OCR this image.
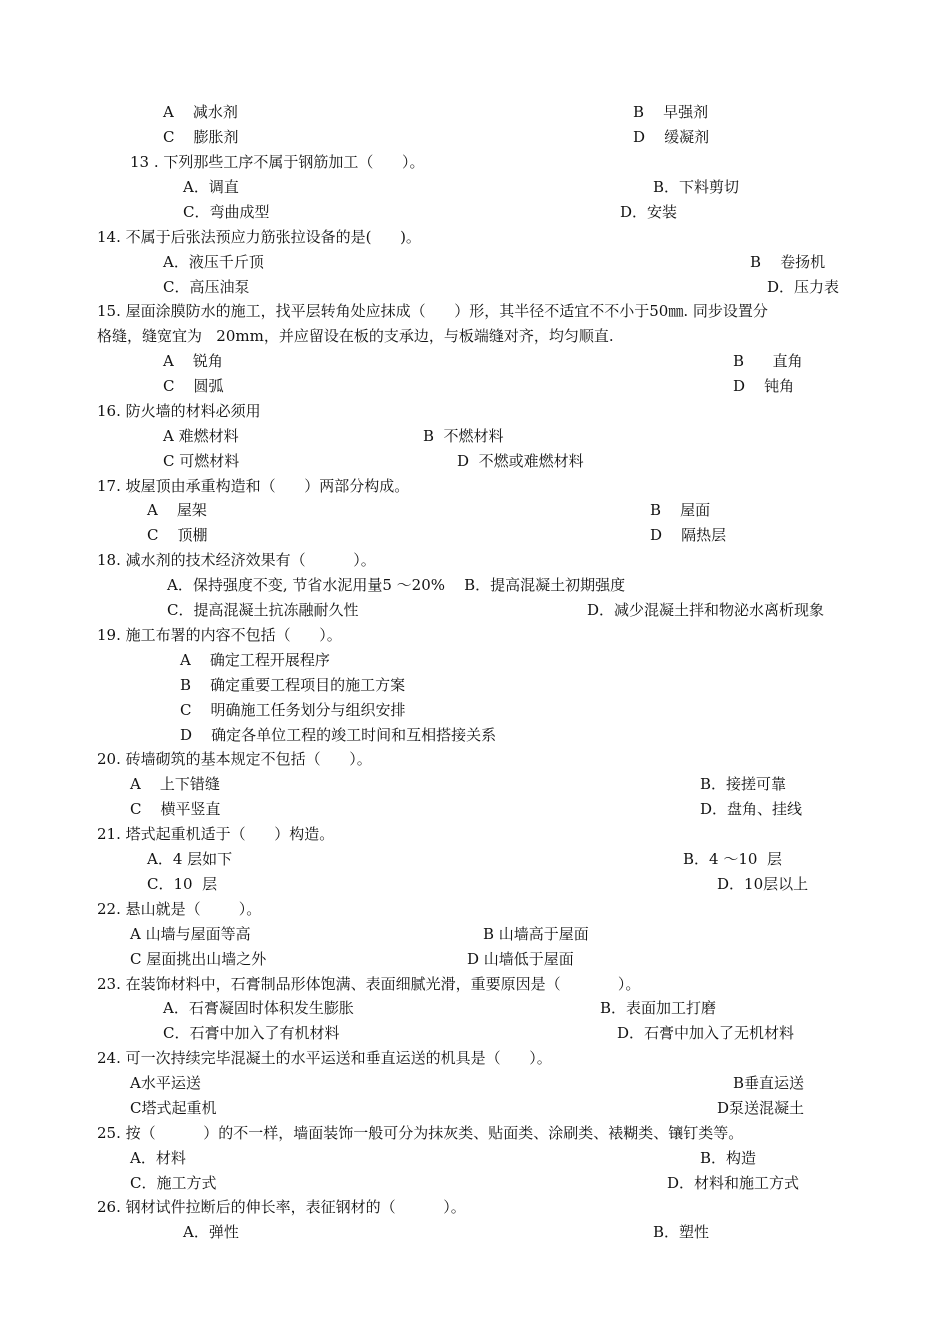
A    减水剂	B    早强剂
C    膨胀剂	D    缓凝剂
13 . 下列那些工序不属于钢筋加工（      ）。
A．调直	B．下料剪切
C．弯曲成型	D．安装
14. 不属于后张法预应力筋张拉设备的是(      )。
A．液压千斤顶	B    卷扬机
C．高压油泵	D．压力表
15. 屋面涂膜防水的施工，找平层转角处应抹成（      ）形，其半径不适宜不不小于50㎜. 同步设置分
格缝，缝宽宜为   20mm，并应留设在板的支承边，与板端缝对齐，均匀顺直.
A    锐角	B      直角
C    圆弧	D    钝角
16. 防火墙的材料必须用
A 难燃材料	B  不燃材料
C 可燃材料	D  不燃或难燃材料
17. 坡屋顶由承重构造和（      ）两部分构成。
A    屋架	B    屋面
C    顶棚	D    隔热层
18. 减水剂的技术经济效果有（          ）。
A．保持强度不变, 节省水泥用量5 ～20%    B．提高混凝土初期强度
C．提高混凝土抗冻融耐久性	D．减少混凝土拌和物泌水离析现象
19. 施工布署的内容不包括（      ）。
A    确定工程开展程序
B    确定重要工程项目的施工方案
C    明确施工任务划分与组织安排
D    确定各单位工程的竣工时间和互相搭接关系
20. 砖墙砌筑的基本规定不包括（      ）。
A    上下错缝	B．接搓可靠
C    横平竖直	D．盘角、挂线
21. 塔式起重机适于（      ）构造。
A．4 层如下	B．4 ～10  层
C．10  层	D．10层以上
22. 悬山就是（        ）。
A 山墙与屋面等高	B 山墙高于屋面
C 屋面挑出山墙之外	D 山墙低于屋面
23. 在装饰材料中，石膏制品形体饱满、表面细腻光滑，重要原因是（            ）。
A．石膏凝固时体积发生膨胀	B．表面加工打磨
C．石膏中加入了有机材料	D．石膏中加入了无机材料
24. 可一次持续完毕混凝土的水平运送和垂直运送的机具是（      ）。
A水平运送	B垂直运送
C塔式起重机	D泵送混凝土
25. 按（          ）的不一样，墙面装饰一般可分为抹灰类、贴面类、涂刷类、裱糊类、镶钉类等。
A．材料	B．构造
C．施工方式	D．材料和施工方式
26. 钢材试件拉断后的伸长率，表征钢材的（          ）。
A．弹性	B．塑性
